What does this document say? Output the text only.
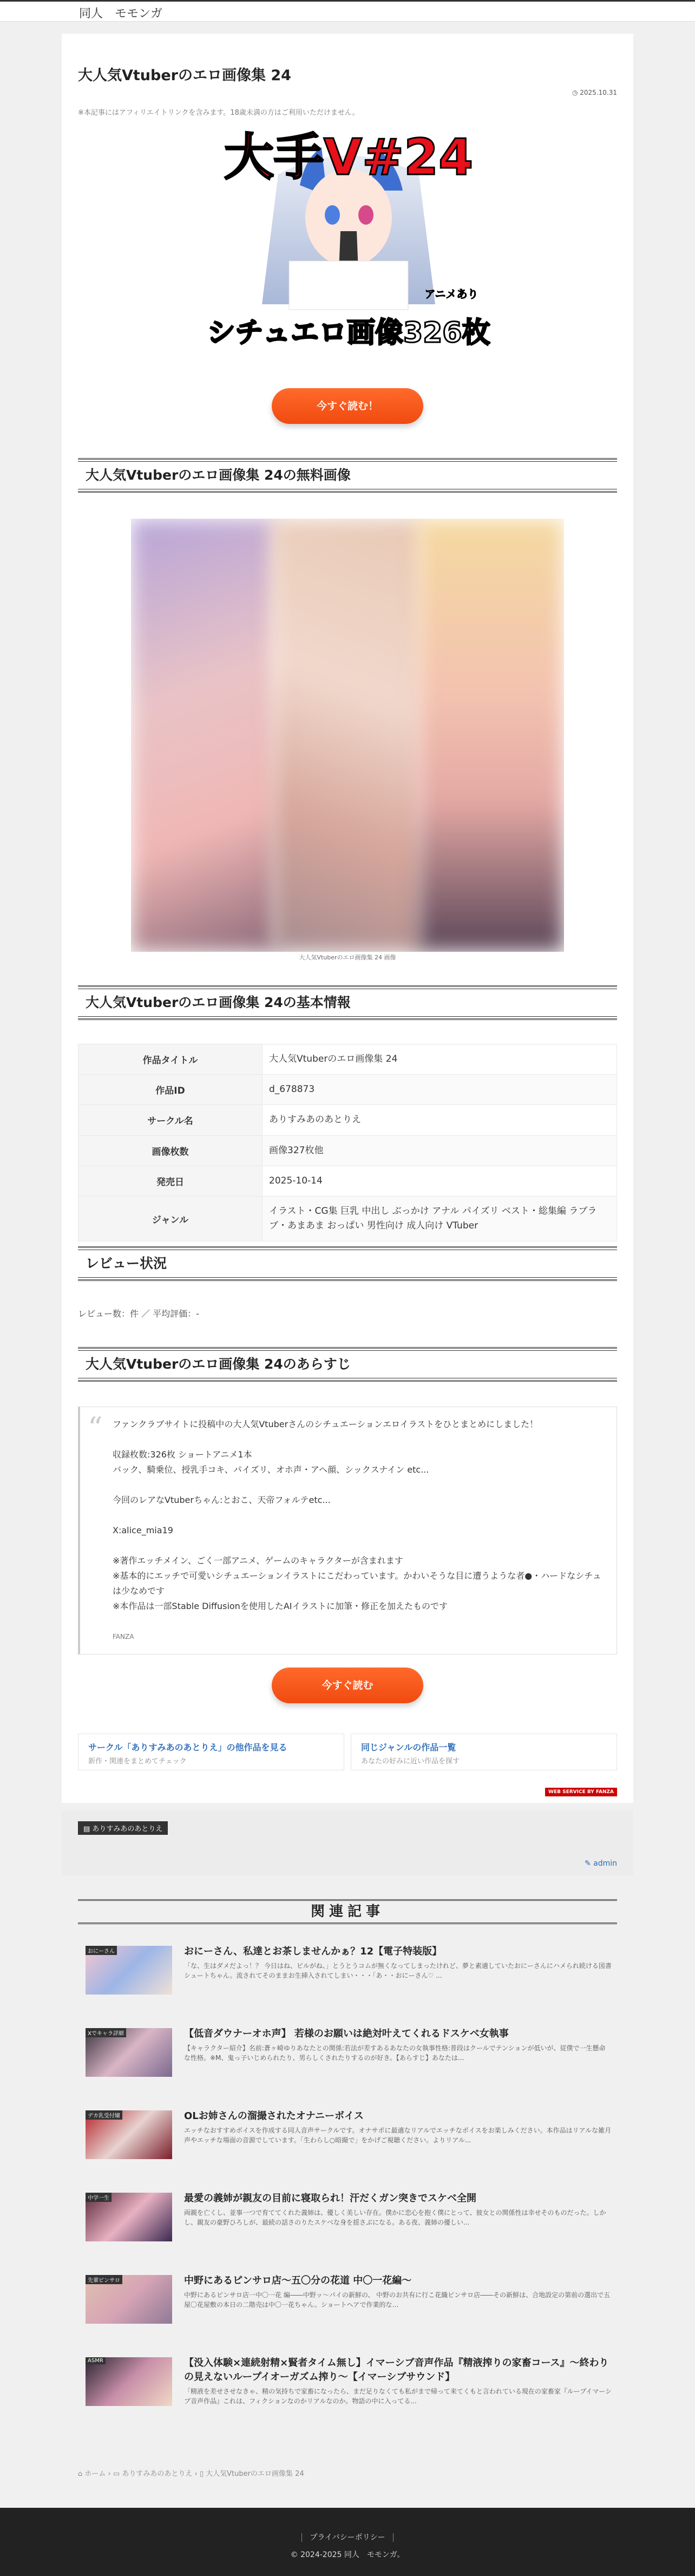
同人　モモンガ
大人気Vtuberのエロ画像集 24
◷ 2025.10.31
※本記事にはアフィリエイトリンクを含みます。18歳未満の方はご利用いただけません。
大手V#24
アニメあり
シチュエロ画像326枚
今すぐ読む！
大人気Vtuberのエロ画像集 24の無料画像
大人気Vtuberのエロ画像集 24 画像
大人気Vtuberのエロ画像集 24の基本情報
作品タイトル	大人気Vtuberのエロ画像集 24
作品ID	d_678873
サークル名	ありすみあのあとりえ
画像枚数	画像327枚他
発売日	2025-10-14
ジャンル	イラスト・CG集 巨乳 中出し ぶっかけ アナル パイズリ ベスト・総集編 ラブラブ・あまあま おっぱい 男性向け 成人向け VTuber
レビュー状況
レビュー数：件 ／ 平均評価：-
大人気Vtuberのエロ画像集 24のあらすじ
“ ファンクラブサイトに投稿中の大人気Vtuberさんのシチュエーションエロイラストをひとまとめにしました！

収録枚数:326枚 ショートアニメ1本

バック、騎乗位、授乳手コキ、パイズリ、オホ声・アヘ顔、シックスナイン etc...

今回のレアなVtuberちゃん:とおこ、天帝フォルテetc...

X:alice_mia19

※著作エッチメイン、ごく一部アニメ、ゲームのキャラクターが含まれます

※基本的にエッチで可愛いシチュエーションイラストにこだわっています。かわいそうな目に遭うような者●・ハードなシチュは少なめです

※本作品は一部Stable Diffusionを使用したAIイラストに加筆・修正を加えたものです

FANZA

今すぐ読む
サークル「ありすみあのあとりえ」の他作品を見る
新作・関連をまとめてチェック
同じジャンルの作品一覧
あなたの好みに近い作品を探す
WEB SERVICE BY FANZA
▤ ありすみあのあとりえ
✎ admin
関連記事
おにーさん	おにーさん、私達とお茶しませんかぁ？12【電子特装版】
「な、生はダメだよっ！？ 今日はね、ピルがね、」とうとうコムが無くなってしまったけれど、夢と素適していたおにーさんにハメられ続ける図書シュートちゃん。流されてそのままお生挿入されてしまい・・・「あ・・おにーさん♡ ...
Xでキャラ詳細	【低音ダウナーオホ声】 若様のお願いは絶対叶えてくれるドスケベ女執事
【キャラクター紹介】名前:蒼ヶ崎ゆりあなたとの関係:若法が差すあるあなたの女執事性格:普段はクールでテンションが低いが、従僕で一生懸命な性格。※M、鬼っ子いじめられたり、男らしくされたりするのが好き。【あらすじ】あなたは...
デカ乳受付嬢	OLお姉さんの溜撮されたオナニーボイス
エッチなおすすめボイスを作成する同人音声サークルです。オナサポに最適なリアルでエッチなボイスをお楽しみください。本作品はリアルな雑月声やエッチな場面の音源でしています。「生わらし○暗撮で」をかげご視聴ください。よりリアル...
中学一生	最愛の義姉が親友の目前に寝取られ！汗だくガン突きでスケベ全開
両親を亡くし、並事一つで育ててくれた義姉は、優しく美しい存在。僕かに恋心を抱く僕にとって、彼女との関係性は幸せそのものだった。しかし、親友の豪野ひろしが、最続の話さのりたスケベな身を揺さぶになる。ある夜、義姉の優しい...
先輩ピンサロ	中野にあるピンサロ店～五〇分の花道 中〇一花編～
中野にあるピンサロ店一中〇一花 編――中野ッ～パイの新鮮の、 中野のお共有に行こ花織ピンサロ店――その新鮮は、合地設定の第前の選出で五屋〇花屋敷の本日の二階売は中〇一花ちゃん。ショートヘアで作業的な…
ASMR	【没入体験×連続射精×賢者タイム無し】イマーシブ音声作品『精液搾りの家畜コース』～終わりの見えないループイオーガズム搾り～【イマーシブサウンド】
「精液を差せさせなきゃ、精の気持ちで家畜になったら、まだ足りなくても私がまで帰って来てくもと言われている現在の家畜家『ループイマーシブ音声作品』これは、フィクションなのかリアルなのか。物語の中に入ってる...
⌂ ホーム › ▭ ありすみあのあとりえ › ▯ 大人気Vtuberのエロ画像集 24
プライバシーポリシー
© 2024-2025 同人　モモンガ。
